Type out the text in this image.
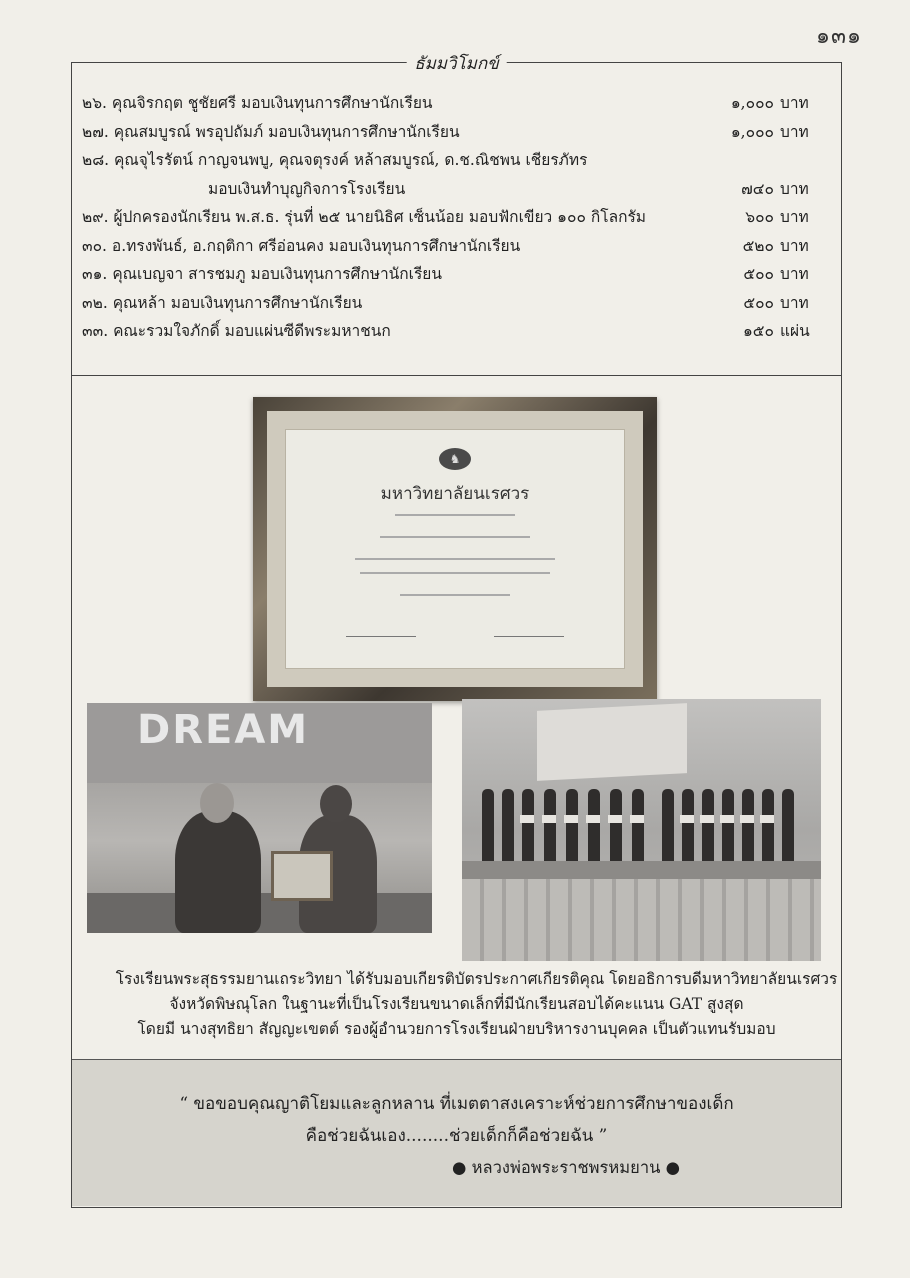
๑๓๑
ธัมมวิโมกข์
๒๖. คุณจิรกฤต ชูชัยศรี มอบเงินทุนการศึกษานักเรียน	๑,๐๐๐ บาท
๒๗. คุณสมบูรณ์ พรอุปถัมภ์ มอบเงินทุนการศึกษานักเรียน	๑,๐๐๐ บาท
๒๘. คุณจุไรรัตน์ กาญจนพบู, คุณจตุรงค์ หล้าสมบูรณ์, ด.ช.ณิชพน เชียรภัทร
มอบเงินทำบุญกิจการโรงเรียน	๗๔๐ บาท
๒๙. ผู้ปกครองนักเรียน พ.ส.ธ. รุ่นที่ ๒๕ นายนิธิศ เซ็นน้อย มอบฟักเขียว ๑๐๐ กิโลกรัม	๖๐๐ บาท
๓๐. อ.ทรงพันธ์, อ.กฤติกา ศรีอ่อนคง มอบเงินทุนการศึกษานักเรียน	๕๒๐ บาท
๓๑. คุณเบญจา สารชมภู มอบเงินทุนการศึกษานักเรียน	๕๐๐ บาท
๓๒. คุณหล้า มอบเงินทุนการศึกษานักเรียน	๕๐๐ บาท
๓๓. คณะรวมใจภักดิ์ มอบแผ่นซีดีพระมหาชนก	๑๕๐ แผ่น
♞
มหาวิทยาลัยนเรศวร
DREAM
โรงเรียนพระสุธรรมยานเถระวิทยา ได้รับมอบเกียรติบัตรประกาศเกียรติคุณ โดยอธิการบดีมหาวิทยาลัยนเรศวร
จังหวัดพิษณุโลก ในฐานะที่เป็นโรงเรียนขนาดเล็กที่มีนักเรียนสอบได้คะแนน GAT สูงสุด
โดยมี นางสุทธิยา สัญญะเขตต์ รองผู้อำนวยการโรงเรียนฝ่ายบริหารงานบุคคล เป็นตัวแทนรับมอบ
“ ขอขอบคุณญาติโยมและลูกหลาน ที่เมตตาสงเคราะห์ช่วยการศึกษาของเด็ก
คือช่วยฉันเอง........ช่วยเด็กก็คือช่วยฉัน ”
● หลวงพ่อพระราชพรหมยาน ●
